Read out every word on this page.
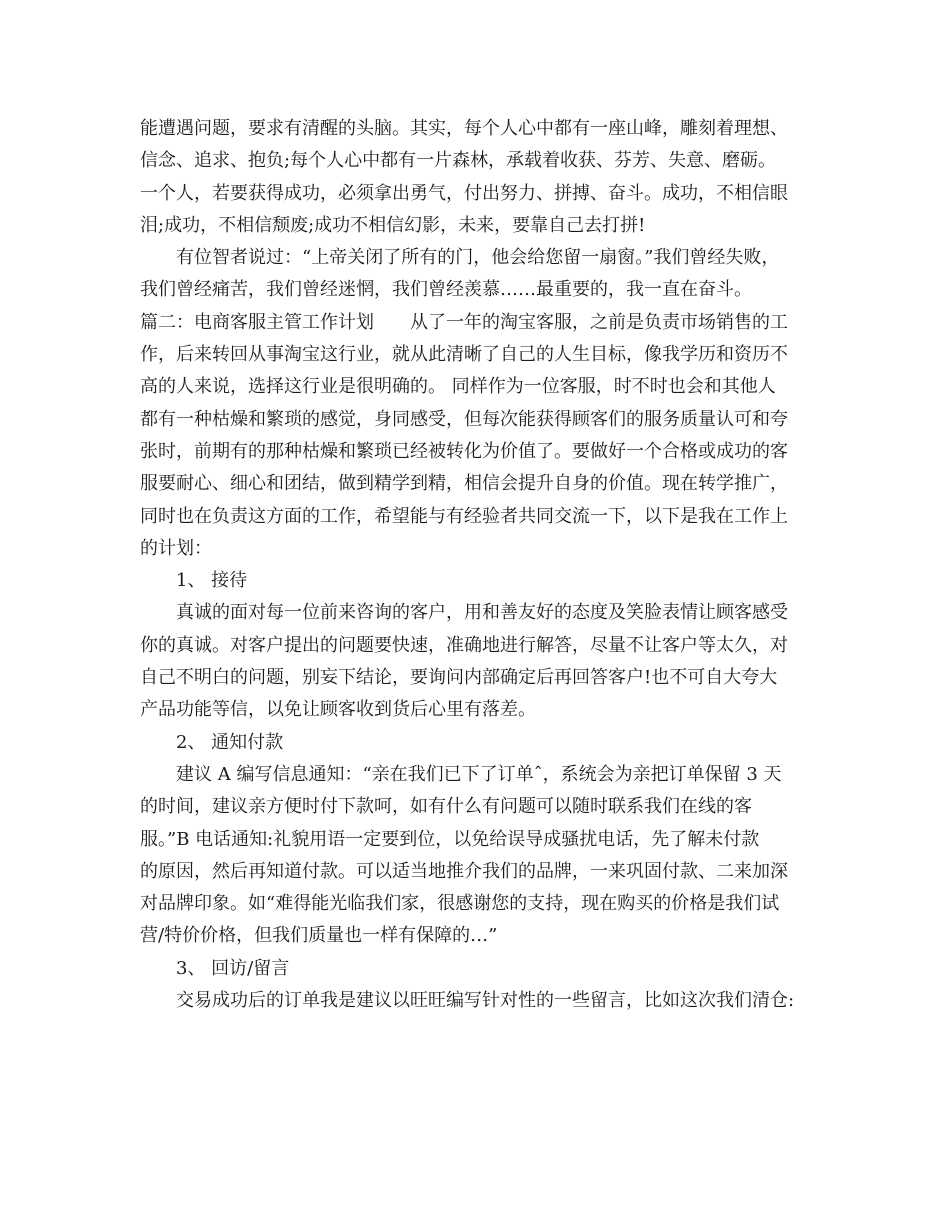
能遭遇问题，要求有清醒的头脑。其实，每个人心中都有一座山峰，雕刻着理想、
信念、追求、抱负;每个人心中都有一片森林，承载着收获、芬芳、失意、磨砺。
一个人，若要获得成功，必须拿出勇气，付出努力、拼搏、奋斗。成功，不相信眼
泪;成功，不相信颓废;成功不相信幻影，未来，要靠自己去打拼!
有位智者说过：“上帝关闭了所有的门，他会给您留一扇窗。”我们曾经失败，
我们曾经痛苦，我们曾经迷惘，我们曾经羡慕……最重要的，我一直在奋斗。
篇二：电商客服主管工作计划　　从了一年的淘宝客服，之前是负责市场销售的工
作，后来转回从事淘宝这行业，就从此清晰了自己的人生目标，像我学历和资历不
高的人来说，选择这行业是很明确的。 同样作为一位客服，时不时也会和其他人
都有一种枯燥和繁琐的感觉，身同感受，但每次能获得顾客们的服务质量认可和夸
张时，前期有的那种枯燥和繁琐已经被转化为价值了。要做好一个合格或成功的客
服要耐心、细心和团结，做到精学到精，相信会提升自身的价值。现在转学推广，
同时也在负责这方面的工作，希望能与有经验者共同交流一下，以下是我在工作上
的计划：
1、 接待
真诚的面对每一位前来咨询的客户，用和善友好的态度及笑脸表情让顾客感受
你的真诚。对客户提出的问题要快速，准确地进行解答，尽量不让客户等太久，对
自己不明白的问题，别妄下结论，要询问内部确定后再回答客户!也不可自大夸大
产品功能等信，以免让顾客收到货后心里有落差。
2、 通知付款
建议 A 编写信息通知：“亲在我们已下了订单ˆ，系统会为亲把订单保留 3 天
的时间，建议亲方便时付下款呵，如有什么有问题可以随时联系我们在线的客
服。”B 电话通知:礼貌用语一定要到位，以免给误导成骚扰电话，先了解未付款
的原因，然后再知道付款。可以适当地推介我们的品牌，一来巩固付款、二来加深
对品牌印象。如“难得能光临我们家，很感谢您的支持，现在购买的价格是我们试
营/特价价格，但我们质量也一样有保障的…”
3、 回访/留言
交易成功后的订单我是建议以旺旺编写针对性的一些留言，比如这次我们清仓:
